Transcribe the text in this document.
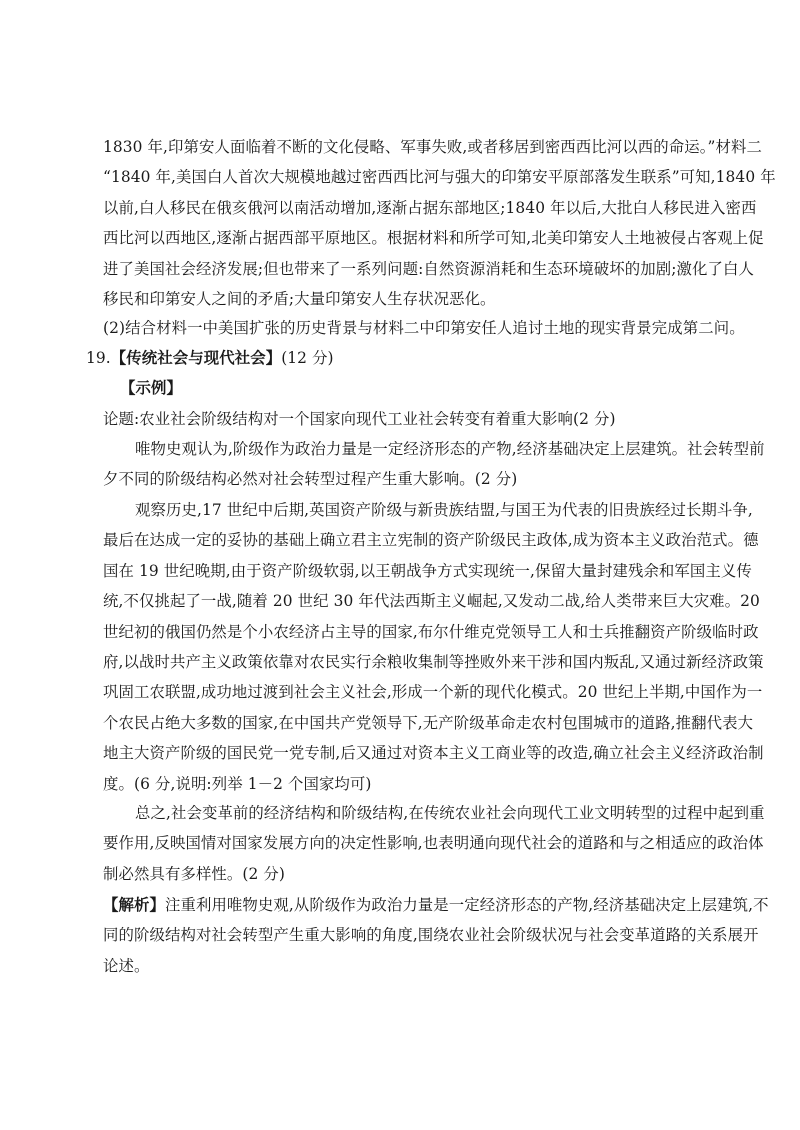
1830 年,印第安人面临着不断的文化侵略、军事失败,或者移居到密西西比河以西的命运。”材料二
“1840 年,美国白人首次大规模地越过密西西比河与强大的印第安平原部落发生联系”可知,1840 年
以前,白人移民在俄亥俄河以南活动增加,逐渐占据东部地区;1840 年以后,大批白人移民进入密西
西比河以西地区,逐渐占据西部平原地区。根据材料和所学可知,北美印第安人土地被侵占客观上促
进了美国社会经济发展;但也带来了一系列问题:自然资源消耗和生态环境破坏的加剧;激化了白人
移民和印第安人之间的矛盾;大量印第安人生存状况恶化。
(2)结合材料一中美国扩张的历史背景与材料二中印第安任人追讨土地的现实背景完成第二问。
19.【传统社会与现代社会】(12 分)
【示例】
论题:农业社会阶级结构对一个国家向现代工业社会转变有着重大影响(2 分)
唯物史观认为,阶级作为政治力量是一定经济形态的产物,经济基础决定上层建筑。社会转型前
夕不同的阶级结构必然对社会转型过程产生重大影响。(2 分)
观察历史,17 世纪中后期,英国资产阶级与新贵族结盟,与国王为代表的旧贵族经过长期斗争,
最后在达成一定的妥协的基础上确立君主立宪制的资产阶级民主政体,成为资本主义政治范式。德
国在 19 世纪晚期,由于资产阶级软弱,以王朝战争方式实现统一,保留大量封建残余和军国主义传
统,不仅挑起了一战,随着 20 世纪 30 年代法西斯主义崛起,又发动二战,给人类带来巨大灾难。20
世纪初的俄国仍然是个小农经济占主导的国家,布尔什维克党领导工人和士兵推翻资产阶级临时政
府,以战时共产主义政策依靠对农民实行余粮收集制等挫败外来干涉和国内叛乱,又通过新经济政策
巩固工农联盟,成功地过渡到社会主义社会,形成一个新的现代化模式。20 世纪上半期,中国作为一
个农民占绝大多数的国家,在中国共产党领导下,无产阶级革命走农村包围城市的道路,推翻代表大
地主大资产阶级的国民党一党专制,后又通过对资本主义工商业等的改造,确立社会主义经济政治制
度。(6 分,说明:列举 1－2 个国家均可)
总之,社会变革前的经济结构和阶级结构,在传统农业社会向现代工业文明转型的过程中起到重
要作用,反映国情对国家发展方向的决定性影响,也表明通向现代社会的道路和与之相适应的政治体
制必然具有多样性。(2 分)
【解析】注重利用唯物史观,从阶级作为政治力量是一定经济形态的产物,经济基础决定上层建筑,不
同的阶级结构对社会转型产生重大影响的角度,围绕农业社会阶级状况与社会变革道路的关系展开
论述。
